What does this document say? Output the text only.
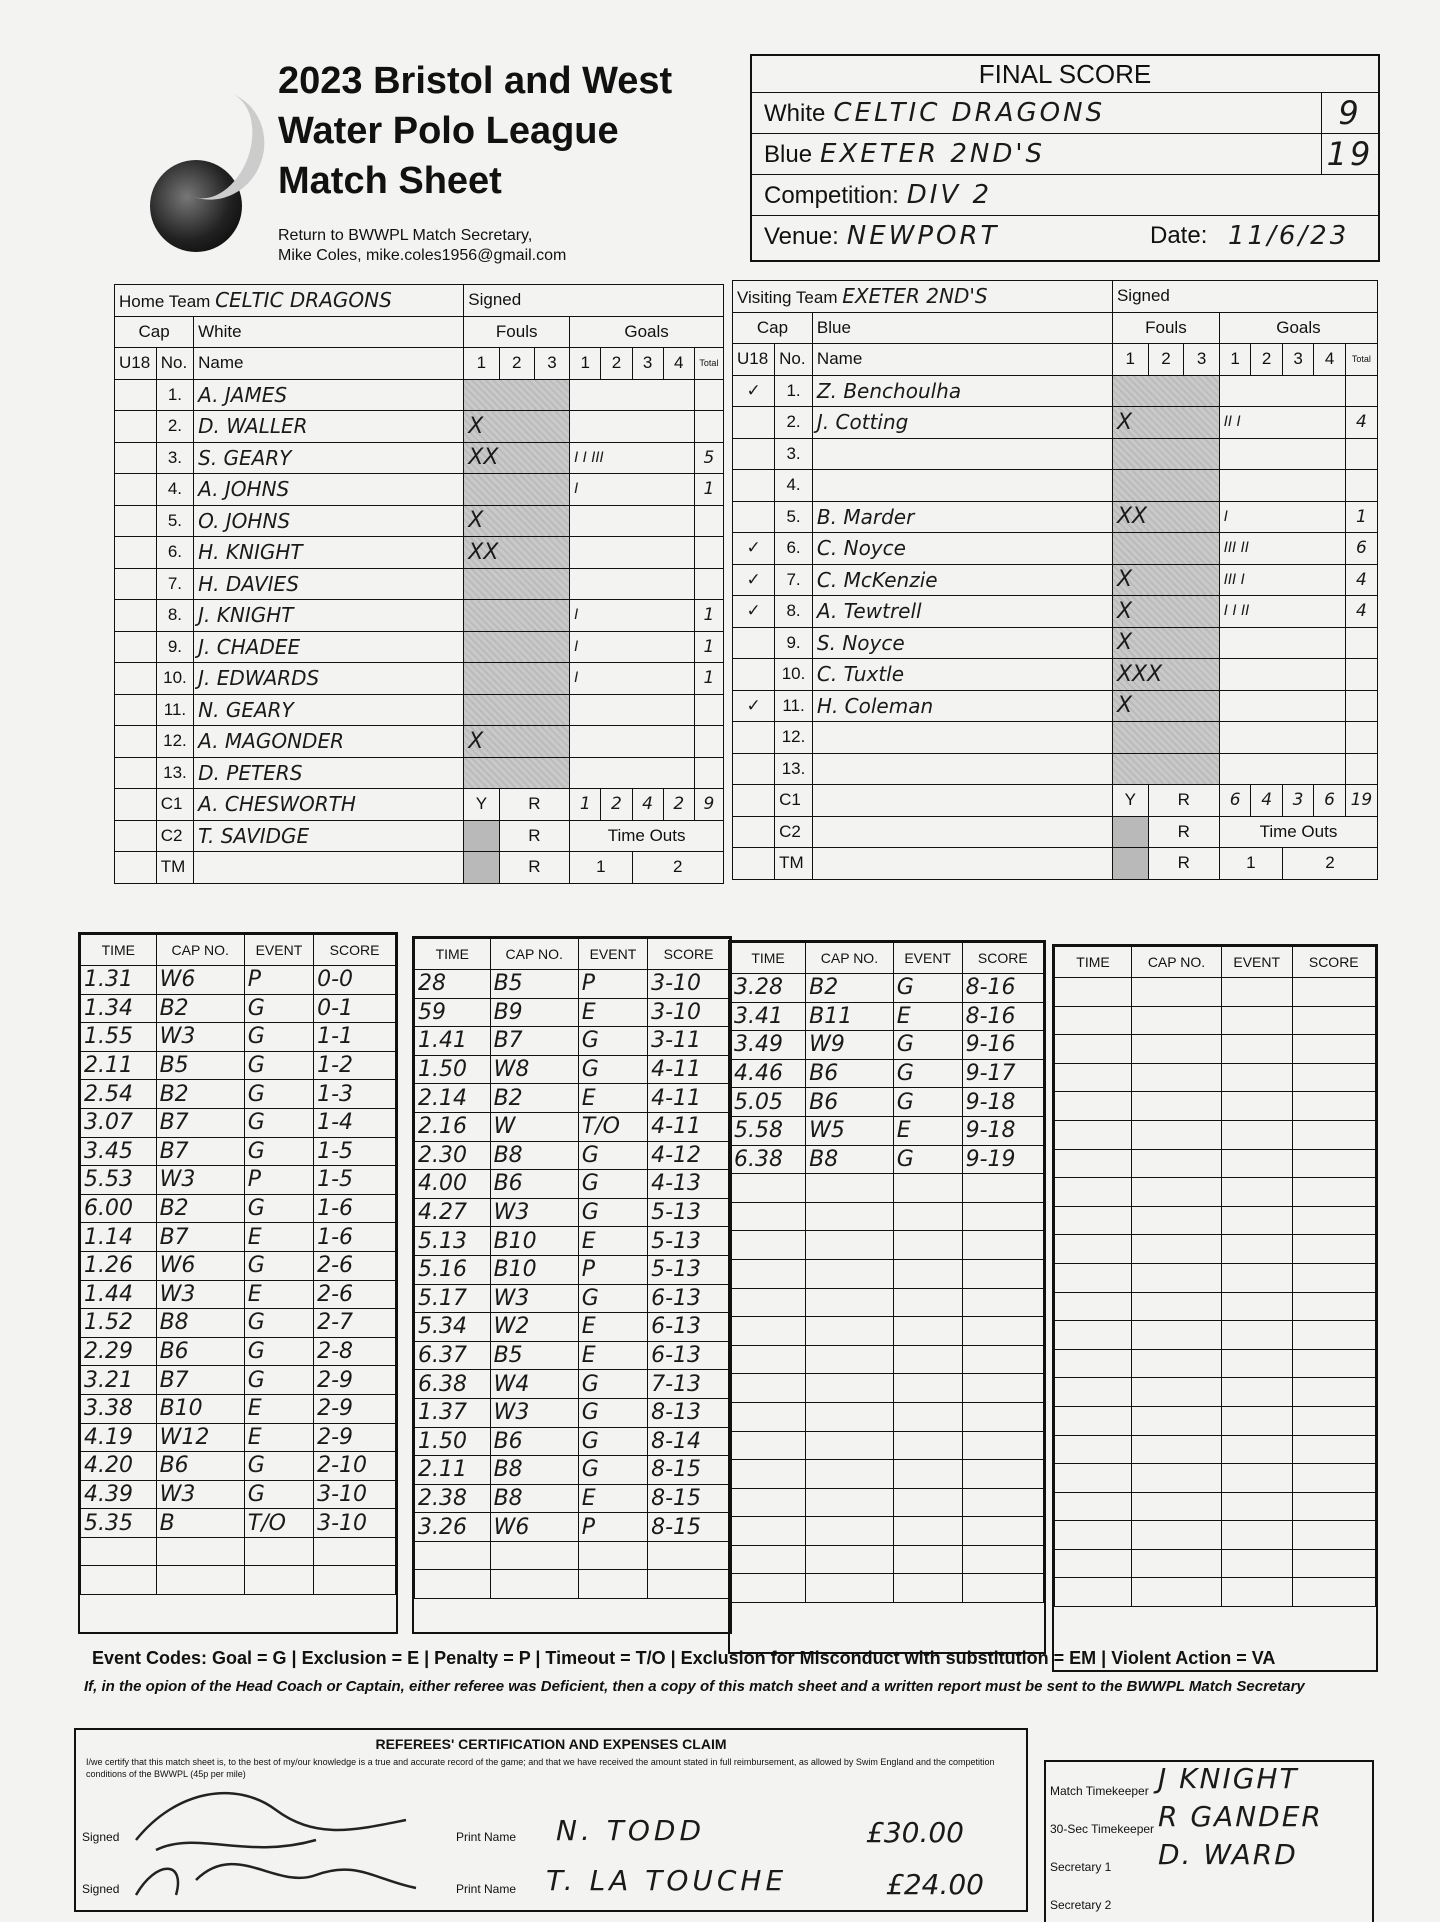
2023 Bristol and West
Water Polo League
Match Sheet
Return to BWWPL Match Secretary,
Mike Coles, mike.coles1956@gmail.com
FINAL SCORE
White CELTIC DRAGONS	9
Blue EXETER 2ND'S	19
Competition: DIV 2
Venue: NEWPORT	Date: 11/6/23
Home Team CELTIC DRAGONS			Signed							
Cap		White	Fouls			Goals				
U18	No.	Name	1	2	3	1	2	3	4	Total
	1.	A. JAMES								
	2.	D. WALLER	X							
	3.	S. GEARY	XX			I I III				5
	4.	A. JOHNS				I				1
	5.	O. JOHNS	X							
	6.	H. KNIGHT	XX							
	7.	H. DAVIES								
	8.	J. KNIGHT				I				1
	9.	J. CHADEE				I				1
	10.	J. EDWARDS				I				1
	11.	N. GEARY								
	12.	A. MAGONDER	X							
	13.	D. PETERS								
	C1	A. CHESWORTH	Y	R		1	2	4	2	9
	C2	T. SAVIDGE		R		Time Outs				
	TM			R		1		2		
Visiting Team EXETER 2ND'S			Signed							
Cap		Blue	Fouls			Goals				
U18	No.	Name	1	2	3	1	2	3	4	Total
✓	1.	Z. Benchoulha								
	2.	J. Cotting	X			II I				4
	3.									
	4.									
	5.	B. Marder	XX			I				1
✓	6.	C. Noyce				III II				6
✓	7.	C. McKenzie	X			III I				4
✓	8.	A. Tewtrell	X			I I II				4
	9.	S. Noyce	X							
	10.	C. Tuxtle	XXX							
✓	11.	H. Coleman	X							
	12.									
	13.									
	C1		Y	R		6	4	3	6	19
	C2			R		Time Outs				
	TM			R		1		2		
TIME	CAP NO.	EVENT	SCORE
1.31	W6	P	0-0
1.34	B2	G	0-1
1.55	W3	G	1-1
2.11	B5	G	1-2
2.54	B2	G	1-3
3.07	B7	G	1-4
3.45	B7	G	1-5
5.53	W3	P	1-5
6.00	B2	G	1-6
1.14	B7	E	1-6
1.26	W6	G	2-6
1.44	W3	E	2-6
1.52	B8	G	2-7
2.29	B6	G	2-8
3.21	B7	G	2-9
3.38	B10	E	2-9
4.19	W12	E	2-9
4.20	B6	G	2-10
4.39	W3	G	3-10
5.35	B	T/O	3-10

TIME	CAP NO.	EVENT	SCORE
28	B5	P	3-10
59	B9	E	3-10
1.41	B7	G	3-11
1.50	W8	G	4-11
2.14	B2	E	4-11
2.16	W	T/O	4-11
2.30	B8	G	4-12
4.00	B6	G	4-13
4.27	W3	G	5-13
5.13	B10	E	5-13
5.16	B10	P	5-13
5.17	W3	G	6-13
5.34	W2	E	6-13
6.37	B5	E	6-13
6.38	W4	G	7-13
1.37	W3	G	8-13
1.50	B6	G	8-14
2.11	B8	G	8-15
2.38	B8	E	8-15
3.26	W6	P	8-15

TIME	CAP NO.	EVENT	SCORE
3.28	B2	G	8-16
3.41	B11	E	8-16
3.49	W9	G	9-16
4.46	B6	G	9-17
5.05	B6	G	9-18
5.58	W5	E	9-18
6.38	B8	G	9-19

TIME	CAP NO.	EVENT	SCORE

Event Codes: Goal = G | Exclusion = E | Penalty = P | Timeout = T/O | Exclusion for Misconduct with substitution = EM | Violent Action = VA
If, in the opion of the Head Coach or Captain, either referee was Deficient, then a copy of this match sheet and a written report must be sent to the BWWPL Match Secretary
REFEREES' CERTIFICATION AND EXPENSES CLAIM
I/we certify that this match sheet is, to the best of my/our knowledge is a true and accurate record of the game; and that we have received the amount stated in full reimbursement, as allowed by Swim England and the competition conditions of the BWWPL (45p per mile)
Signed	Print Name N. TODD	£30.00
Signed	Print Name T. LA TOUCHE	£24.00
Match Timekeeper J KNIGHT
30-Sec Timekeeper R GANDER
Secretary 1 D. WARD
Secretary 2
